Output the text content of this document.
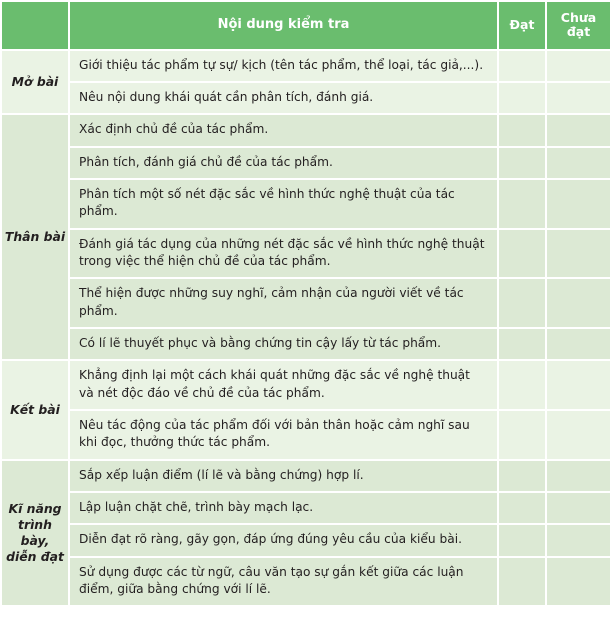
	Nội dung kiểm tra	Đạt	Chưa đạt
Mở bài	Giới thiệu tác phẩm tự sự/ kịch (tên tác phẩm, thể loại, tác giả,...).		
	Nêu nội dung khái quát cần phân tích, đánh giá.		
Thân bài	Xác định chủ đề của tác phẩm.		
	Phân tích, đánh giá chủ đề của tác phẩm.		
	Phân tích một số nét đặc sắc về hình thức nghệ thuật của tác phẩm.		
	Đánh giá tác dụng của những nét đặc sắc về hình thức nghệ thuật trong việc thể hiện chủ đề của tác phẩm.		
	Thể hiện được những suy nghĩ, cảm nhận của người viết về tác phẩm.		
	Có lí lẽ thuyết phục và bằng chứng tin cậy lấy từ tác phẩm.		
Kết bài	Khẳng định lại một cách khái quát những đặc sắc về nghệ thuật và nét độc đáo về chủ đề của tác phẩm.		
	Nêu tác động của tác phẩm đối với bản thân hoặc cảm nghĩ sau khi đọc, thưởng thức tác phẩm.		
Kĩ năng trình bày, diễn đạt	Sắp xếp luận điểm (lí lẽ và bằng chứng) hợp lí.		
	Lập luận chặt chẽ, trình bày mạch lạc.		
	Diễn đạt rõ ràng, gãy gọn, đáp ứng đúng yêu cầu của kiểu bài.		
	Sử dụng được các từ ngữ, câu văn tạo sự gắn kết giữa các luận điểm, giữa bằng chứng với lí lẽ.		
